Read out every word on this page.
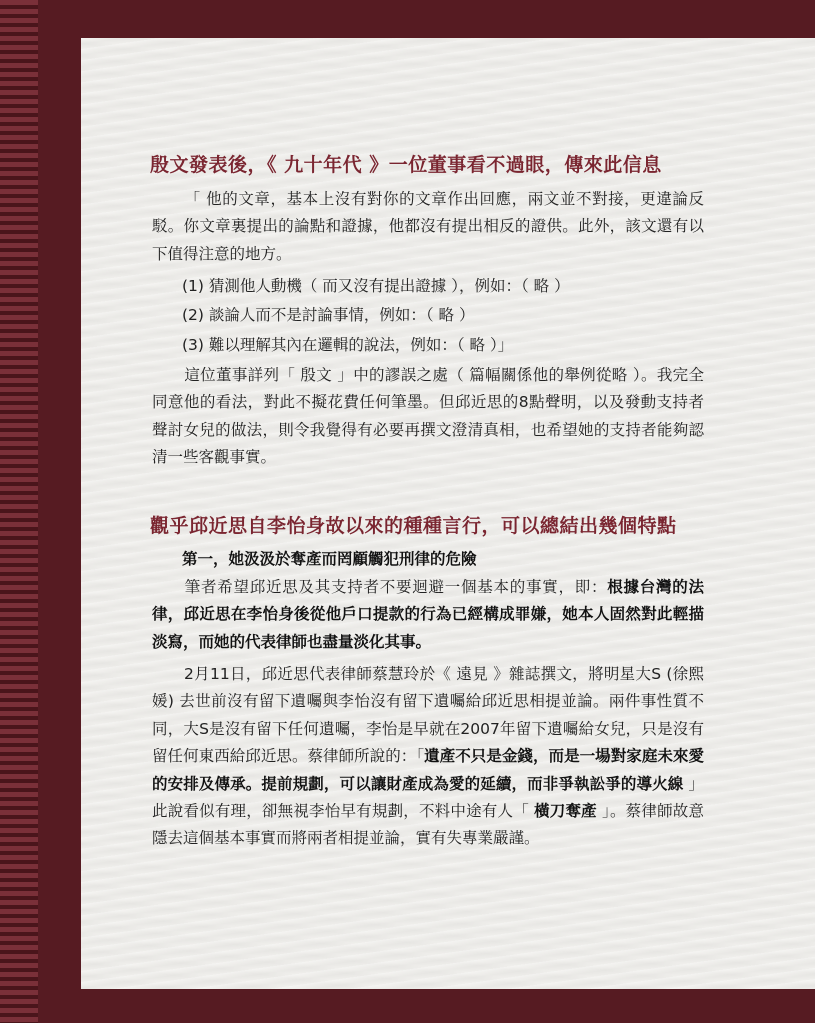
殷文發表後，《 九十年代 》一位董事看不過眼，傳來此信息
「 他的文章，基本上沒有對你的文章作出回應，兩文並不對接，更違論反駁。你文章裏提出的論點和證據，他都沒有提出相反的證供。此外，該文還有以下值得注意的地方。
(1) 猜測他人動機（ 而又沒有提出證據 ），例如：（ 略 ）
(2) 談論人而不是討論事情，例如：（ 略 ）
(3) 難以理解其內在邏輯的說法，例如：（ 略 ）」
這位董事詳列「 殷文 」中的謬誤之處（ 篇幅關係他的舉例從略 ）。我完全同意他的看法，對此不擬花費任何筆墨。但邱近思的8點聲明，以及發動支持者聲討女兒的做法，則令我覺得有必要再撰文澄清真相，也希望她的支持者能夠認清一些客觀事實。
觀乎邱近思自李怡身故以來的種種言行，可以總結出幾個特點
第一，她汲汲於奪產而罔顧觸犯刑律的危險
筆者希望邱近思及其支持者不要迴避一個基本的事實，即：根據台灣的法律，邱近思在李怡身後從他戶口提款的行為已經構成罪嫌，她本人固然對此輕描淡寫，而她的代表律師也盡量淡化其事。
2月11日，邱近思代表律師蔡慧玲於《 遠見 》雜誌撰文，將明星大S (徐熙媛) 去世前沒有留下遺囑與李怡沒有留下遺囑給邱近思相提並論。兩件事性質不同，大S是沒有留下任何遺囑，李怡是早就在2007年留下遺囑給女兒，只是沒有留任何東西給邱近思。蔡律師所說的：「遺產不只是金錢，而是一場對家庭未來愛的安排及傳承。提前規劃，可以讓財產成為愛的延續，而非爭執訟爭的導火線 」此說看似有理，卻無視李怡早有規劃，不料中途有人「 橫刀奪產 」。蔡律師故意隱去這個基本事實而將兩者相提並論，實有失專業嚴謹。
